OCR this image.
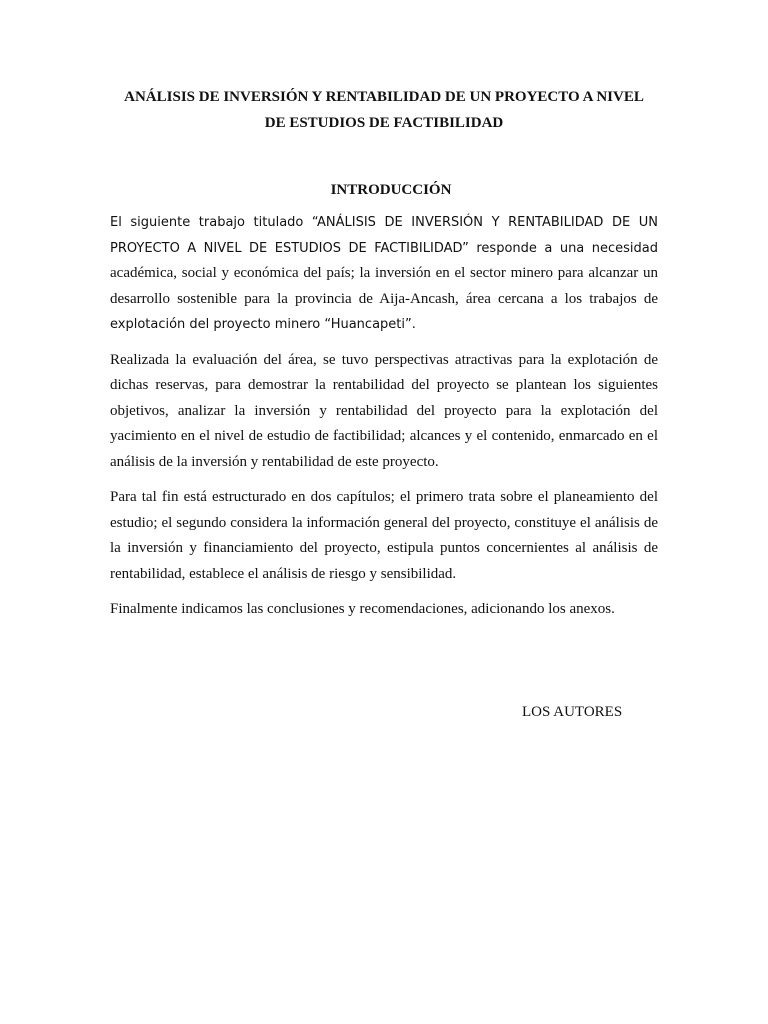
ANÁLISIS DE INVERSIÓN Y RENTABILIDAD DE UN PROYECTO A NIVEL
DE ESTUDIOS DE FACTIBILIDAD
INTRODUCCIÓN

El siguiente trabajo titulado “ANÁLISIS DE INVERSIÓN Y RENTABILIDAD DE UN PROYECTO A NIVEL DE ESTUDIOS DE FACTIBILIDAD” responde a una necesidad académica, social y económica del país; la inversión en el sector minero para alcanzar un desarrollo sostenible para la provincia de Aija-Ancash, área cercana a los trabajos de explotación del proyecto minero “Huancapeti”.

Realizada la evaluación del área, se tuvo perspectivas atractivas para la explotación de dichas reservas, para demostrar la rentabilidad del proyecto se plantean los siguientes objetivos, analizar la inversión y rentabilidad del proyecto para la explotación del yacimiento en el nivel de estudio de factibilidad; alcances y el contenido, enmarcado en el análisis de la inversión y rentabilidad de este proyecto.

Para tal fin está estructurado en dos capítulos; el primero trata sobre el planeamiento del estudio; el segundo considera la información general del proyecto, constituye el análisis de la inversión y financiamiento del proyecto, estipula puntos concernientes al análisis de rentabilidad, establece el análisis de riesgo y sensibilidad.

Finalmente indicamos las conclusiones y recomendaciones, adicionando los anexos.

LOS AUTORES
